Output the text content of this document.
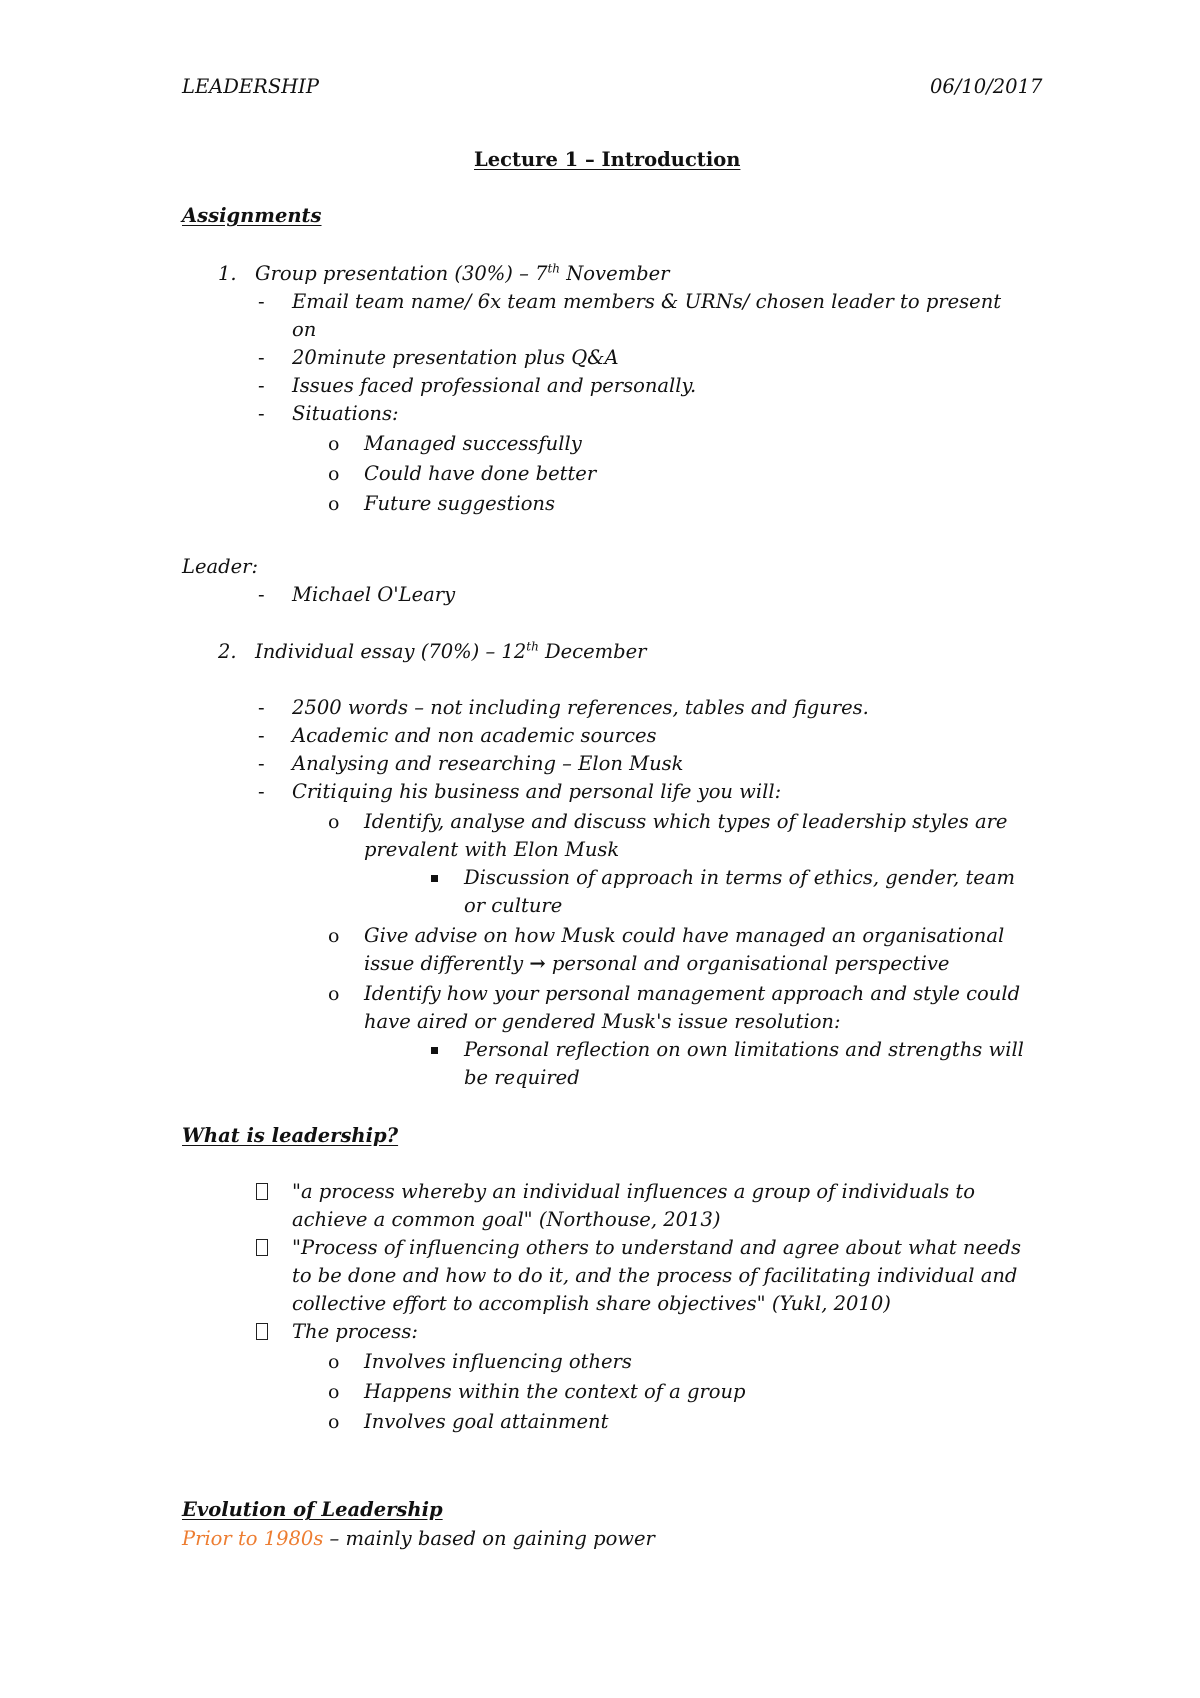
LEADERSHIP	06/10/2017
Lecture 1 – Introduction
Assignments
1. Group presentation (30%) – 7th November
- Email team name/ 6x team members & URNs/ chosen leader to present
on
- 20minute presentation plus Q&A
- Issues faced professional and personally.
- Situations:
o Managed successfully
o Could have done better
o Future suggestions
Leader:
- Michael O'Leary
2. Individual essay (70%) – 12th December
- 2500 words – not including references, tables and figures.
- Academic and non academic sources
- Analysing and researching – Elon Musk
- Critiquing his business and personal life you will:
o Identify, analyse and discuss which types of leadership styles are
prevalent with Elon Musk
Discussion of approach in terms of ethics, gender, team
or culture
o Give advise on how Musk could have managed an organisational
issue differently → personal and organisational perspective
o Identify how your personal management approach and style could
have aired or gendered Musk's issue resolution:
Personal reflection on own limitations and strengths will
be required
What is leadership?
"a process whereby an individual influences a group of individuals to
achieve a common goal" (Northouse, 2013)
"Process of influencing others to understand and agree about what needs
to be done and how to do it, and the process of facilitating individual and
collective effort to accomplish share objectives" (Yukl, 2010)
The process:
o Involves influencing others
o Happens within the context of a group
o Involves goal attainment
Evolution of Leadership
Prior to 1980s – mainly based on gaining power
